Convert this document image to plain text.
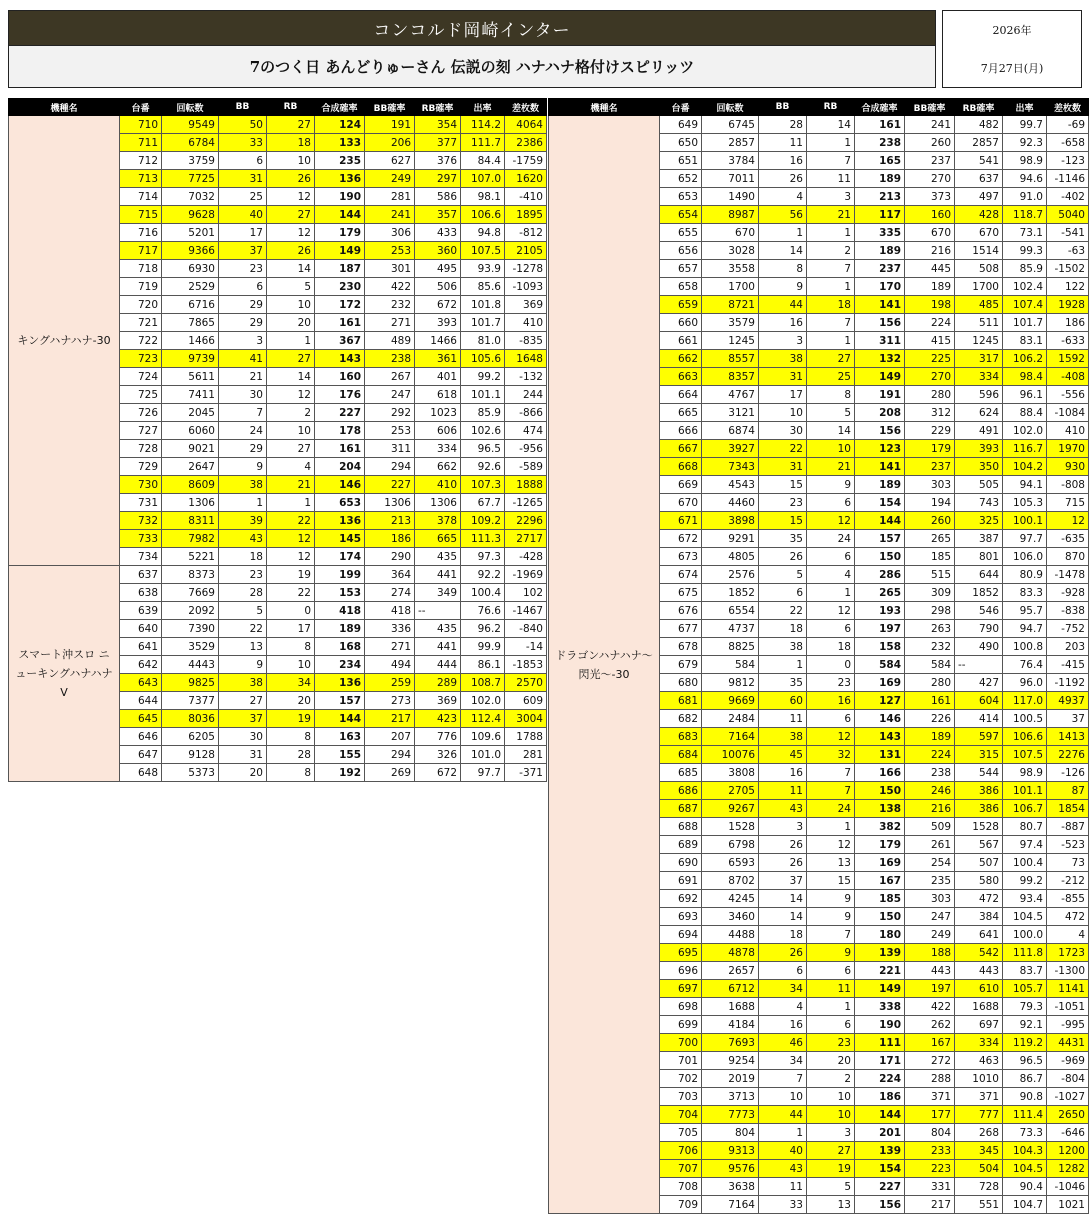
コンコルド岡崎インター
7のつく日 あんどりゅーさん 伝説の刻 ハナハナ格付けスピリッツ
2026年
7月27日(月)
機種名	台番	回転数	BB	RB	合成確率	BB確率	RB確率	出率	差枚数
キングハナハナ-30	710	9549	50	27	124	191	354	114.2	4064
	711	6784	33	18	133	206	377	111.7	2386
	712	3759	6	10	235	627	376	84.4	-1759
	713	7725	31	26	136	249	297	107.0	1620
	714	7032	25	12	190	281	586	98.1	-410
	715	9628	40	27	144	241	357	106.6	1895
	716	5201	17	12	179	306	433	94.8	-812
	717	9366	37	26	149	253	360	107.5	2105
	718	6930	23	14	187	301	495	93.9	-1278
	719	2529	6	5	230	422	506	85.6	-1093
	720	6716	29	10	172	232	672	101.8	369
	721	7865	29	20	161	271	393	101.7	410
	722	1466	3	1	367	489	1466	81.0	-835
	723	9739	41	27	143	238	361	105.6	1648
	724	5611	21	14	160	267	401	99.2	-132
	725	7411	30	12	176	247	618	101.1	244
	726	2045	7	2	227	292	1023	85.9	-866
	727	6060	24	10	178	253	606	102.6	474
	728	9021	29	27	161	311	334	96.5	-956
	729	2647	9	4	204	294	662	92.6	-589
	730	8609	38	21	146	227	410	107.3	1888
	731	1306	1	1	653	1306	1306	67.7	-1265
	732	8311	39	22	136	213	378	109.2	2296
	733	7982	43	12	145	186	665	111.3	2717
	734	5221	18	12	174	290	435	97.3	-428
スマート沖スロ ニューキングハナハナV	637	8373	23	19	199	364	441	92.2	-1969
	638	7669	28	22	153	274	349	100.4	102
	639	2092	5	0	418	418	--	76.6	-1467
	640	7390	22	17	189	336	435	96.2	-840
	641	3529	13	8	168	271	441	99.9	-14
	642	4443	9	10	234	494	444	86.1	-1853
	643	9825	38	34	136	259	289	108.7	2570
	644	7377	27	20	157	273	369	102.0	609
	645	8036	37	19	144	217	423	112.4	3004
	646	6205	30	8	163	207	776	109.6	1788
	647	9128	31	28	155	294	326	101.0	281
	648	5373	20	8	192	269	672	97.7	-371
機種名	台番	回転数	BB	RB	合成確率	BB確率	RB確率	出率	差枚数
ドラゴンハナハナ～閃光～-30	649	6745	28	14	161	241	482	99.7	-69
	650	2857	11	1	238	260	2857	92.3	-658
	651	3784	16	7	165	237	541	98.9	-123
	652	7011	26	11	189	270	637	94.6	-1146
	653	1490	4	3	213	373	497	91.0	-402
	654	8987	56	21	117	160	428	118.7	5040
	655	670	1	1	335	670	670	73.1	-541
	656	3028	14	2	189	216	1514	99.3	-63
	657	3558	8	7	237	445	508	85.9	-1502
	658	1700	9	1	170	189	1700	102.4	122
	659	8721	44	18	141	198	485	107.4	1928
	660	3579	16	7	156	224	511	101.7	186
	661	1245	3	1	311	415	1245	83.1	-633
	662	8557	38	27	132	225	317	106.2	1592
	663	8357	31	25	149	270	334	98.4	-408
	664	4767	17	8	191	280	596	96.1	-556
	665	3121	10	5	208	312	624	88.4	-1084
	666	6874	30	14	156	229	491	102.0	410
	667	3927	22	10	123	179	393	116.7	1970
	668	7343	31	21	141	237	350	104.2	930
	669	4543	15	9	189	303	505	94.1	-808
	670	4460	23	6	154	194	743	105.3	715
	671	3898	15	12	144	260	325	100.1	12
	672	9291	35	24	157	265	387	97.7	-635
	673	4805	26	6	150	185	801	106.0	870
	674	2576	5	4	286	515	644	80.9	-1478
	675	1852	6	1	265	309	1852	83.3	-928
	676	6554	22	12	193	298	546	95.7	-838
	677	4737	18	6	197	263	790	94.7	-752
	678	8825	38	18	158	232	490	100.8	203
	679	584	1	0	584	584	--	76.4	-415
	680	9812	35	23	169	280	427	96.0	-1192
	681	9669	60	16	127	161	604	117.0	4937
	682	2484	11	6	146	226	414	100.5	37
	683	7164	38	12	143	189	597	106.6	1413
	684	10076	45	32	131	224	315	107.5	2276
	685	3808	16	7	166	238	544	98.9	-126
	686	2705	11	7	150	246	386	101.1	87
	687	9267	43	24	138	216	386	106.7	1854
	688	1528	3	1	382	509	1528	80.7	-887
	689	6798	26	12	179	261	567	97.4	-523
	690	6593	26	13	169	254	507	100.4	73
	691	8702	37	15	167	235	580	99.2	-212
	692	4245	14	9	185	303	472	93.4	-855
	693	3460	14	9	150	247	384	104.5	472
	694	4488	18	7	180	249	641	100.0	4
	695	4878	26	9	139	188	542	111.8	1723
	696	2657	6	6	221	443	443	83.7	-1300
	697	6712	34	11	149	197	610	105.7	1141
	698	1688	4	1	338	422	1688	79.3	-1051
	699	4184	16	6	190	262	697	92.1	-995
	700	7693	46	23	111	167	334	119.2	4431
	701	9254	34	20	171	272	463	96.5	-969
	702	2019	7	2	224	288	1010	86.7	-804
	703	3713	10	10	186	371	371	90.8	-1027
	704	7773	44	10	144	177	777	111.4	2650
	705	804	1	3	201	804	268	73.3	-646
	706	9313	40	27	139	233	345	104.3	1200
	707	9576	43	19	154	223	504	104.5	1282
	708	3638	11	5	227	331	728	90.4	-1046
	709	7164	33	13	156	217	551	104.7	1021
